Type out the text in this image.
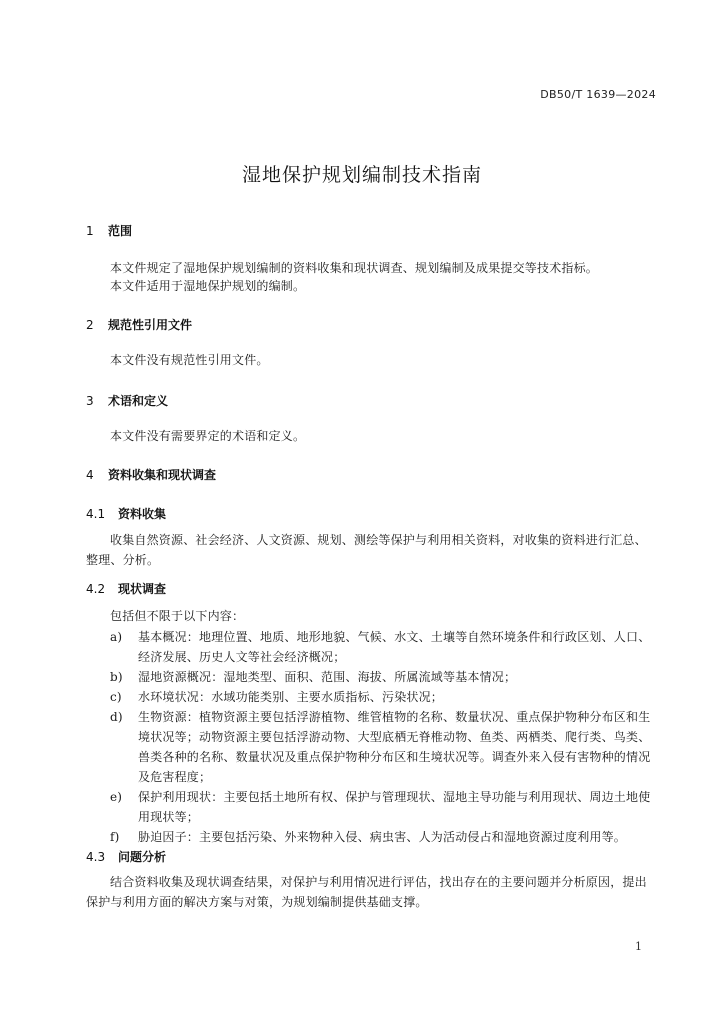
DB50/T 1639—2024
湿地保护规划编制技术指南
1 范围
本文件规定了湿地保护规划编制的资料收集和现状调查、规划编制及成果提交等技术指标。
本文件适用于湿地保护规划的编制。
2 规范性引用文件
本文件没有规范性引用文件。
3 术语和定义
本文件没有需要界定的术语和定义。
4 资料收集和现状调查
4.1 资料收集
收集自然资源、社会经济、人文资源、规划、测绘等保护与利用相关资料，对收集的资料进行汇总、整理、分析。
4.2 现状调查
包括但不限于以下内容：
a)	基本概况：地理位置、地质、地形地貌、气候、水文、土壤等自然环境条件和行政区划、人口、经济发展、历史人文等社会经济概况；
b)	湿地资源概况：湿地类型、面积、范围、海拔、所属流域等基本情况；
c)	水环境状况：水域功能类别、主要水质指标、污染状况；
d)	生物资源：植物资源主要包括浮游植物、维管植物的名称、数量状况、重点保护物种分布区和生境状况等；动物资源主要包括浮游动物、大型底栖无脊椎动物、鱼类、两栖类、爬行类、鸟类、兽类各种的名称、数量状况及重点保护物种分布区和生境状况等。调查外来入侵有害物种的情况及危害程度；
e)	保护利用现状：主要包括土地所有权、保护与管理现状、湿地主导功能与利用现状、周边土地使用现状等；
f)	胁迫因子：主要包括污染、外来物种入侵、病虫害、人为活动侵占和湿地资源过度利用等。
4.3 问题分析
结合资料收集及现状调查结果，对保护与利用情况进行评估，找出存在的主要问题并分析原因，提出保护与利用方面的解决方案与对策，为规划编制提供基础支撑。
1
